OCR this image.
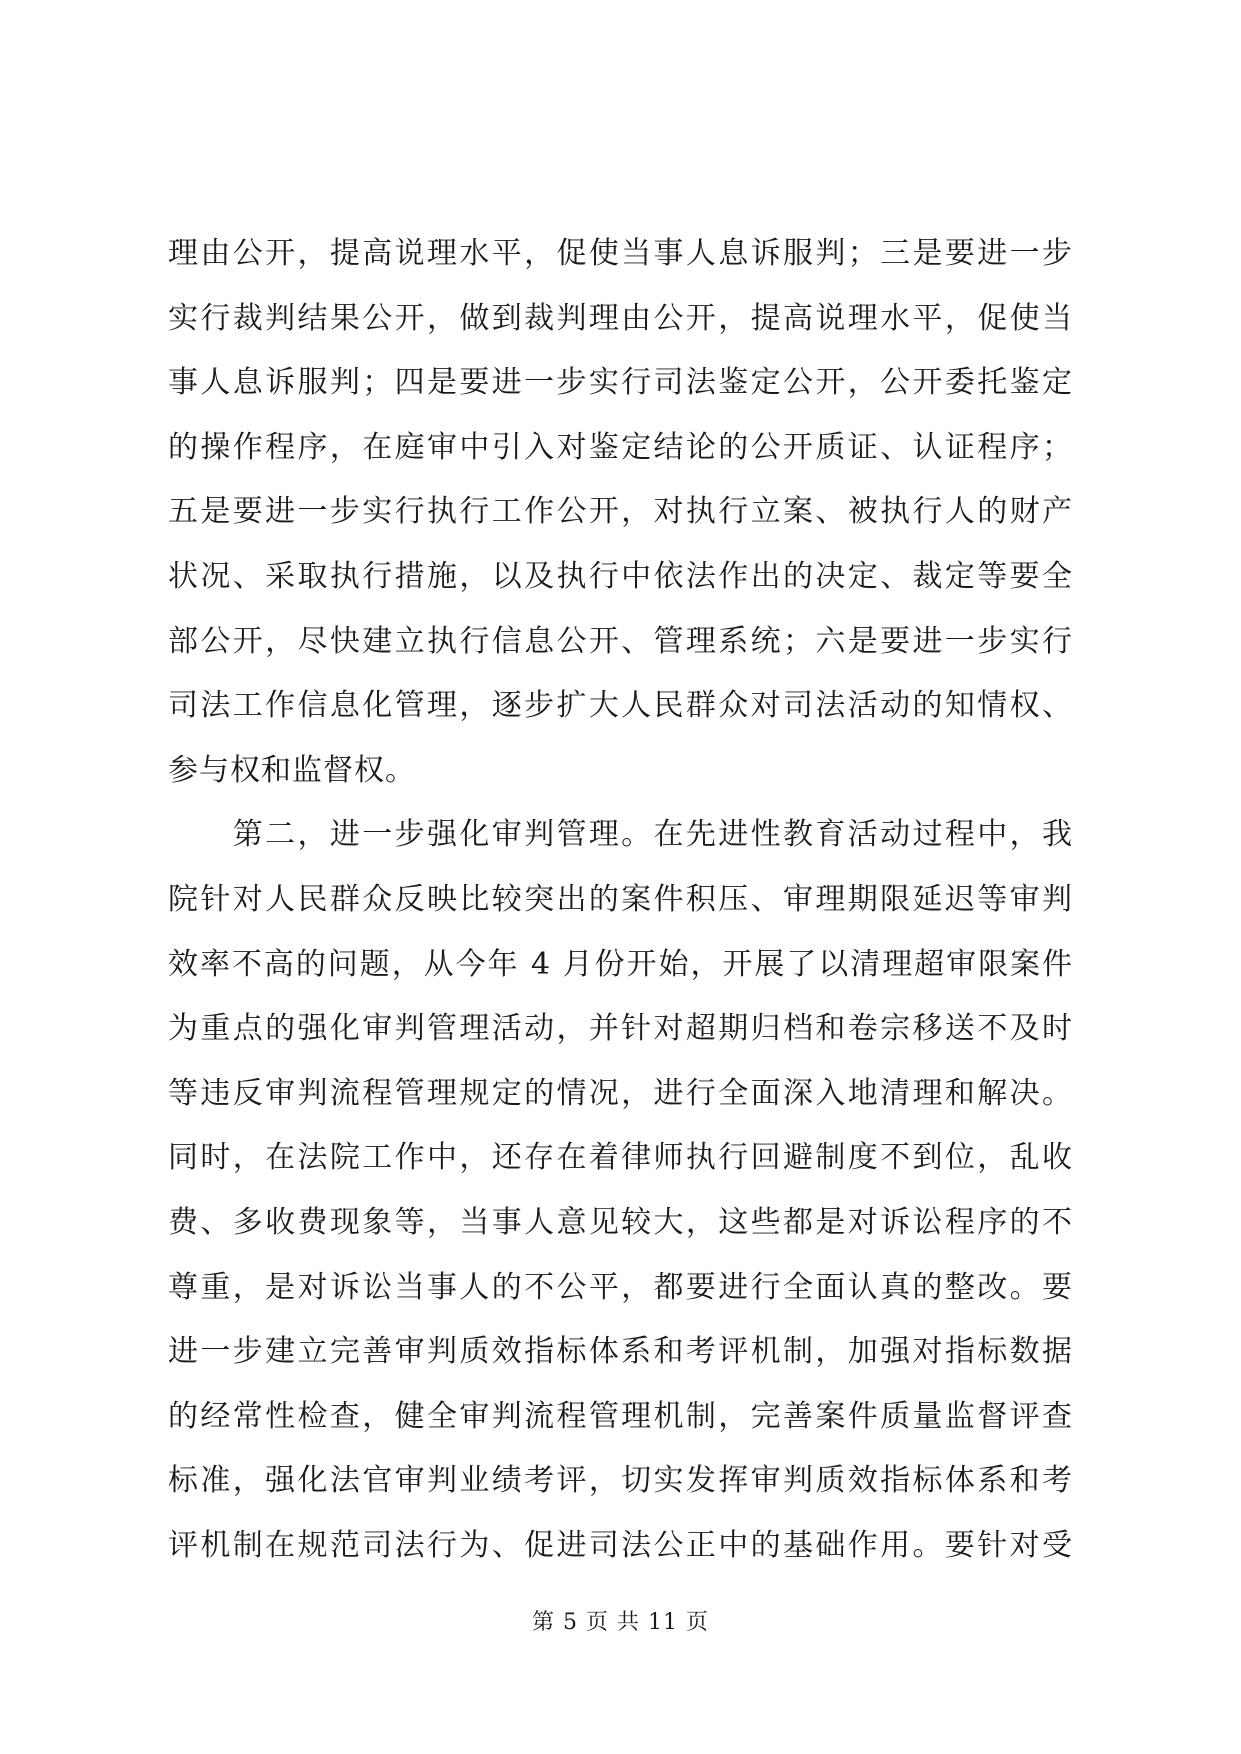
理由公开，提高说理水平，促使当事人息诉服判；三是要进一步
实行裁判结果公开，做到裁判理由公开，提高说理水平，促使当
事人息诉服判；四是要进一步实行司法鉴定公开，公开委托鉴定
的操作程序，在庭审中引入对鉴定结论的公开质证、认证程序；
五是要进一步实行执行工作公开，对执行立案、被执行人的财产
状况、采取执行措施，以及执行中依法作出的决定、裁定等要全
部公开，尽快建立执行信息公开、管理系统；六是要进一步实行
司法工作信息化管理，逐步扩大人民群众对司法活动的知情权、
参与权和监督权。
　　第二，进一步强化审判管理。在先进性教育活动过程中，我
院针对人民群众反映比较突出的案件积压、审理期限延迟等审判
效率不高的问题，从今年 4 月份开始，开展了以清理超审限案件
为重点的强化审判管理活动，并针对超期归档和卷宗移送不及时
等违反审判流程管理规定的情况，进行全面深入地清理和解决。
同时，在法院工作中，还存在着律师执行回避制度不到位，乱收
费、多收费现象等，当事人意见较大，这些都是对诉讼程序的不
尊重，是对诉讼当事人的不公平，都要进行全面认真的整改。要
进一步建立完善审判质效指标体系和考评机制，加强对指标数据
的经常性检查，健全审判流程管理机制，完善案件质量监督评查
标准，强化法官审判业绩考评，切实发挥审判质效指标体系和考
评机制在规范司法行为、促进司法公正中的基础作用。要针对受
第 5 页 共 11 页
